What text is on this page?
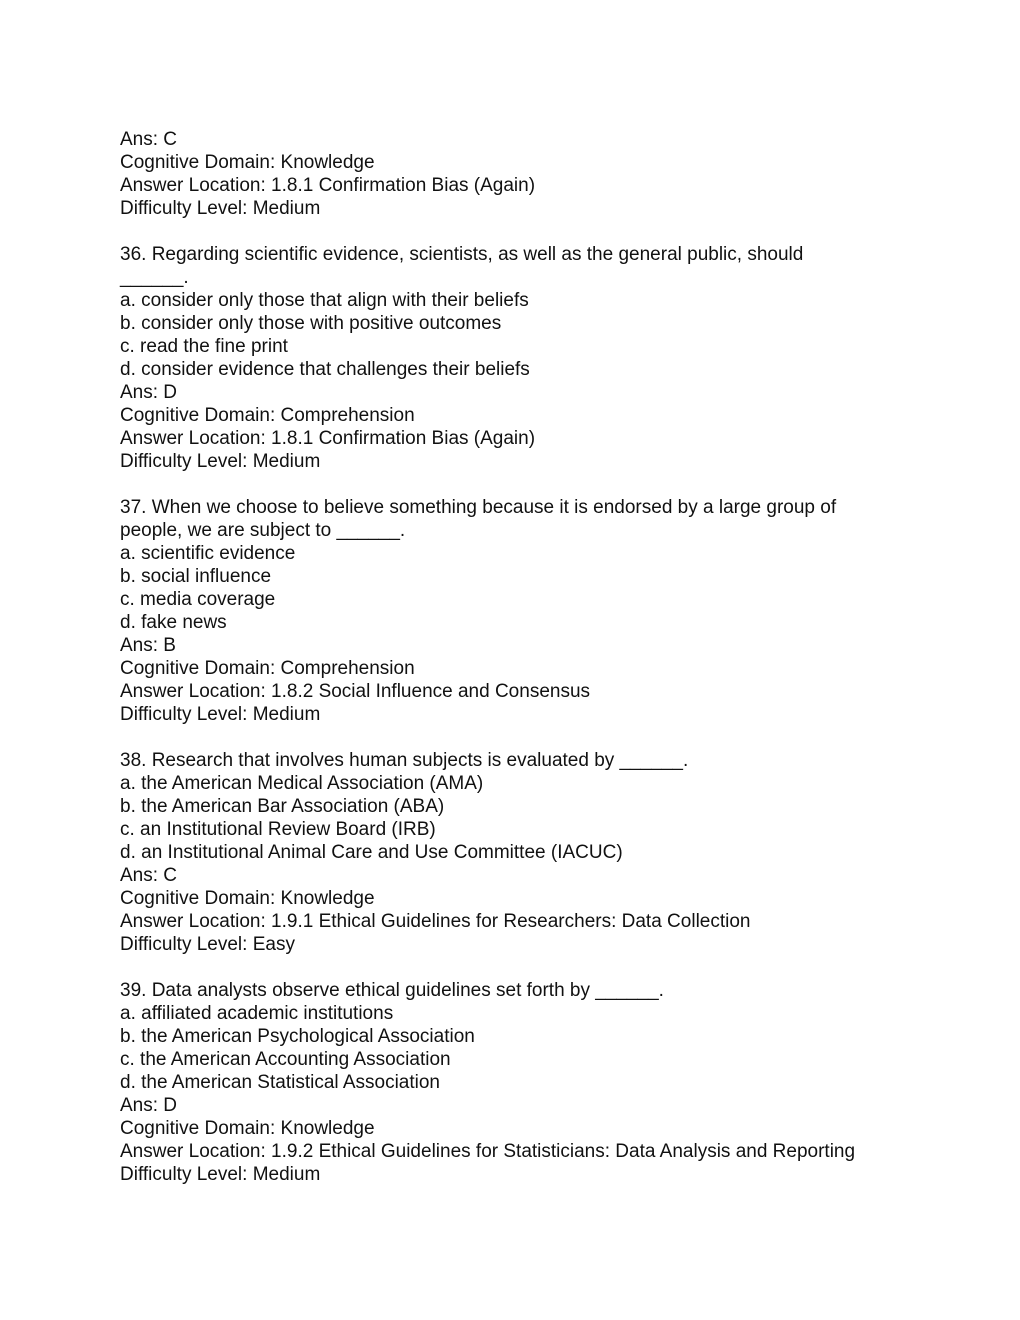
Ans: C
Cognitive Domain: Knowledge
Answer Location: 1.8.1 Confirmation Bias (Again)
Difficulty Level: Medium
36. Regarding scientific evidence, scientists, as well as the general public, should
______.
a. consider only those that align with their beliefs
b. consider only those with positive outcomes
c. read the fine print
d. consider evidence that challenges their beliefs
Ans: D
Cognitive Domain: Comprehension
Answer Location: 1.8.1 Confirmation Bias (Again)
Difficulty Level: Medium
37. When we choose to believe something because it is endorsed by a large group of
people, we are subject to ______.
a. scientific evidence
b. social influence
c. media coverage
d. fake news
Ans: B
Cognitive Domain: Comprehension
Answer Location: 1.8.2 Social Influence and Consensus
Difficulty Level: Medium
38. Research that involves human subjects is evaluated by ______.
a. the American Medical Association (AMA)
b. the American Bar Association (ABA)
c. an Institutional Review Board (IRB)
d. an Institutional Animal Care and Use Committee (IACUC)
Ans: C
Cognitive Domain: Knowledge
Answer Location: 1.9.1 Ethical Guidelines for Researchers: Data Collection
Difficulty Level: Easy
39. Data analysts observe ethical guidelines set forth by ______.
a. affiliated academic institutions
b. the American Psychological Association
c. the American Accounting Association
d. the American Statistical Association
Ans: D
Cognitive Domain: Knowledge
Answer Location: 1.9.2 Ethical Guidelines for Statisticians: Data Analysis and Reporting
Difficulty Level: Medium
